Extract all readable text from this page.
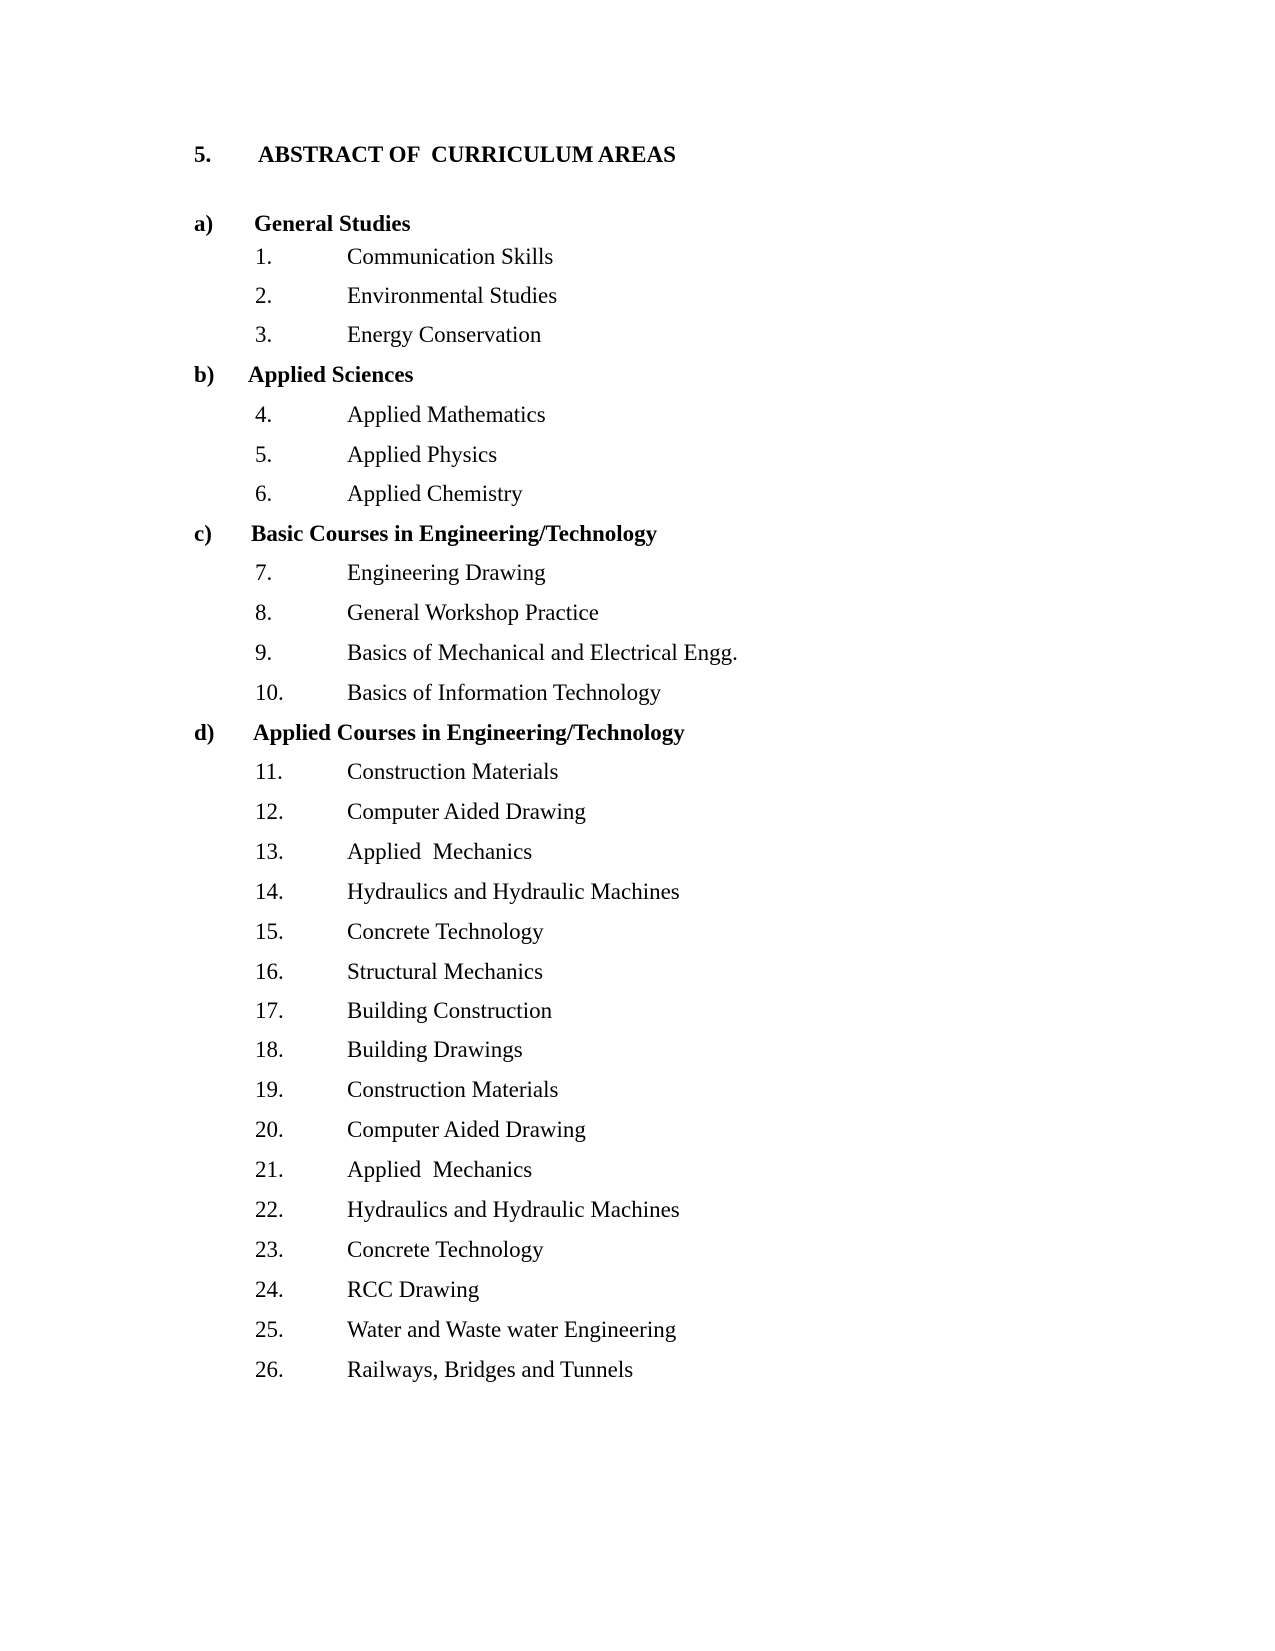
5. ABSTRACT OF  CURRICULUM AREAS
a) General Studies
1.	Communication Skills
2.	Environmental Studies
3.	Energy Conservation
b) Applied Sciences
4.	Applied Mathematics
5.	Applied Physics
6.	Applied Chemistry
c) Basic Courses in Engineering/Technology
7.	Engineering Drawing
8.	General Workshop Practice
9.	Basics of Mechanical and Electrical Engg.
10.	Basics of Information Technology
d) Applied Courses in Engineering/Technology
11.	Construction Materials
12.	Computer Aided Drawing
13.	Applied  Mechanics
14.	Hydraulics and Hydraulic Machines
15.	Concrete Technology
16.	Structural Mechanics
17.	Building Construction
18.	Building Drawings
19.	Construction Materials
20.	Computer Aided Drawing
21.	Applied  Mechanics
22.	Hydraulics and Hydraulic Machines
23.	Concrete Technology
24.	RCC Drawing
25.	Water and Waste water Engineering
26.	Railways, Bridges and Tunnels
